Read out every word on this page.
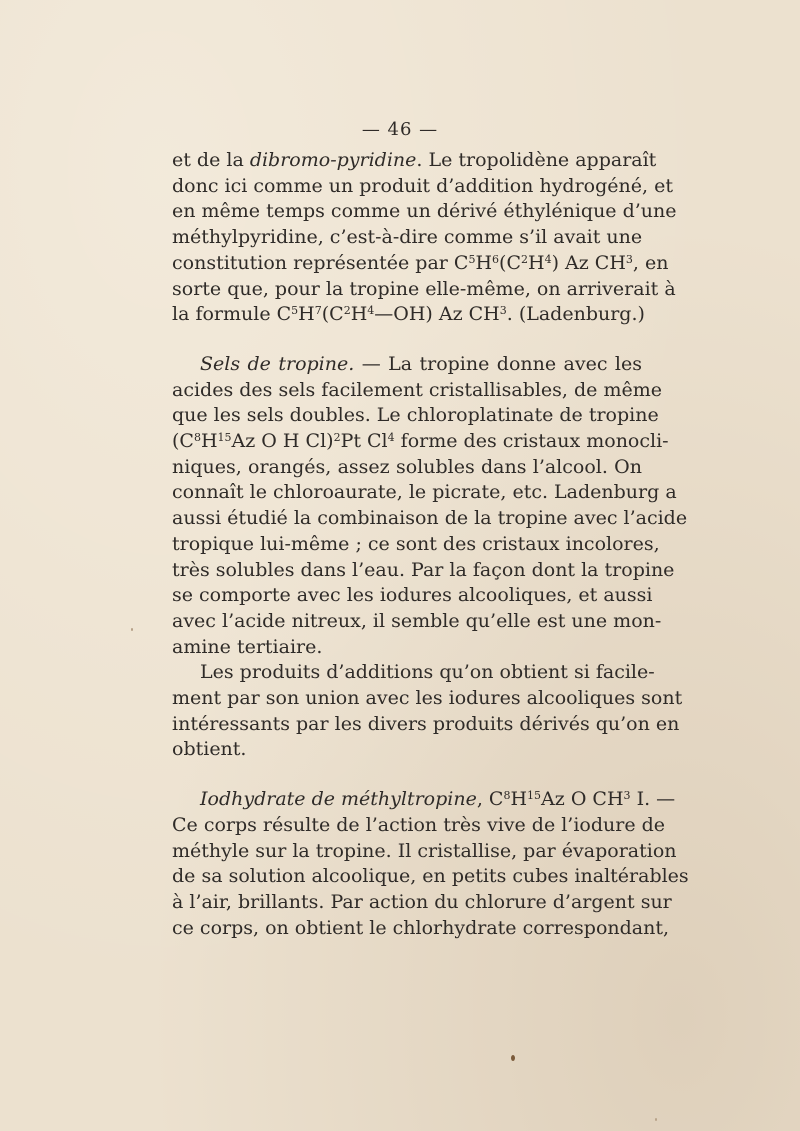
— 46 —
et de la dibromo-pyridine. Le tropolidène apparaît
donc ici comme un produit d’addition hydrogéné, et
en même temps comme un dérivé éthylénique d’une
méthylpyridine, c’est-à-dire comme s’il avait une
constitution représentée par $C^5H^6(C^2H^4)$ Az $CH^3$, en
sorte que, pour la tropine elle-même, on arriverait à
la formule $C^5H^7(C^2H^4—OH)$ Az $CH^3$. (Ladenburg.)
Sels de tropine. — La tropine donne avec les
acides des sels facilement cristallisables, de même
que les sels doubles. Le chloroplatinate de tropine
($C^8H^{15}Az$ O H Cl)$^2$Pt Cl$^4$ forme des cristaux monocli-
niques, orangés, assez solubles dans l’alcool. On
connaît le chloroaurate, le picrate, etc. Ladenburg a
aussi étudié la combinaison de la tropine avec l’acide
tropique lui-même ; ce sont des cristaux incolores,
très solubles dans l’eau. Par la façon dont la tropine
se comporte avec les iodures alcooliques, et aussi
avec l’acide nitreux, il semble qu’elle est une mon-
amine tertiaire.
Les produits d’additions qu’on obtient si facile-
ment par son union avec les iodures alcooliques sont
intéressants par les divers produits dérivés qu’on en
obtient.
Iodhydrate de méthyltropine, $C^8H^{15}Az$ O $CH^3$ I. —
Ce corps résulte de l’action très vive de l’iodure de
méthyle sur la tropine. Il cristallise, par évaporation
de sa solution alcoolique, en petits cubes inaltérables
à l’air, brillants. Par action du chlorure d’argent sur
ce corps, on obtient le chlorhydrate correspondant,
